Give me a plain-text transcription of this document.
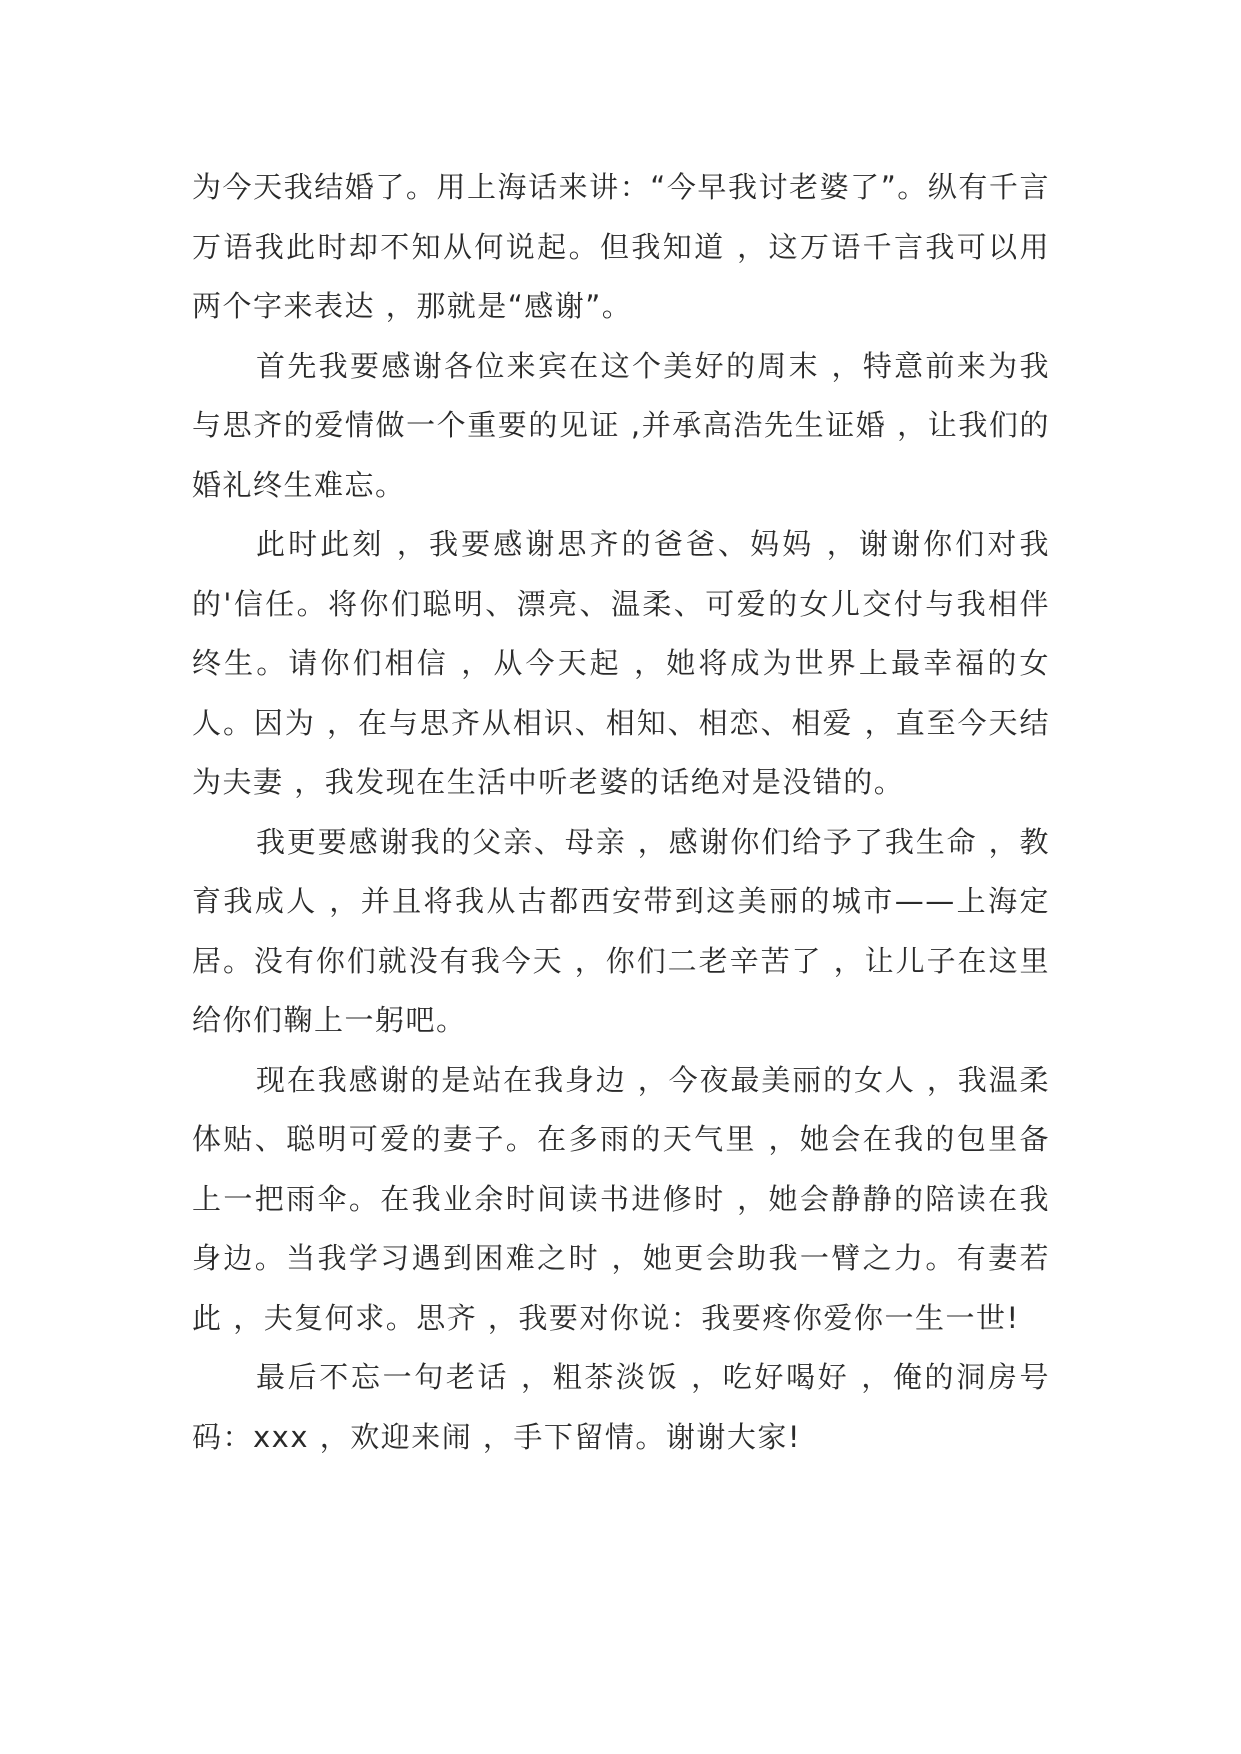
为今天我结婚了。用上海话来讲：“今早我讨老婆了”。纵有千言万语我此时却不知从何说起。但我知道 ，这万语千言我可以用两个字来表达 ，那就是“感谢”。

首先我要感谢各位来宾在这个美好的周末 ，特意前来为我与思齐的爱情做一个重要的见证 ,并承高浩先生证婚 ，让我们的婚礼终生难忘。

此时此刻 ，我要感谢思齐的爸爸、妈妈 ，谢谢你们对我的'信任。将你们聪明、漂亮、温柔、可爱的女儿交付与我相伴终生。请你们相信 ，从今天起 ，她将成为世界上最幸福的女人。因为 ，在与思齐从相识、相知、相恋、相爱 ，直至今天结为夫妻 ，我发现在生活中听老婆的话绝对是没错的。

我更要感谢我的父亲、母亲 ，感谢你们给予了我生命 ，教育我成人 ，并且将我从古都西安带到这美丽的城市——上海定居。没有你们就没有我今天 ，你们二老辛苦了 ，让儿子在这里给你们鞠上一躬吧。

现在我感谢的是站在我身边 ，今夜最美丽的女人 ，我温柔体贴、聪明可爱的妻子。在多雨的天气里 ，她会在我的包里备上一把雨伞。在我业余时间读书进修时 ，她会静静的陪读在我身边。当我学习遇到困难之时 ，她更会助我一臂之力。有妻若此 ，夫复何求。思齐 ，我要对你说：我要疼你爱你一生一世!

最后不忘一句老话 ，粗茶淡饭 ，吃好喝好 ，俺的洞房号码：xxx ，欢迎来闹 ，手下留情。谢谢大家!
